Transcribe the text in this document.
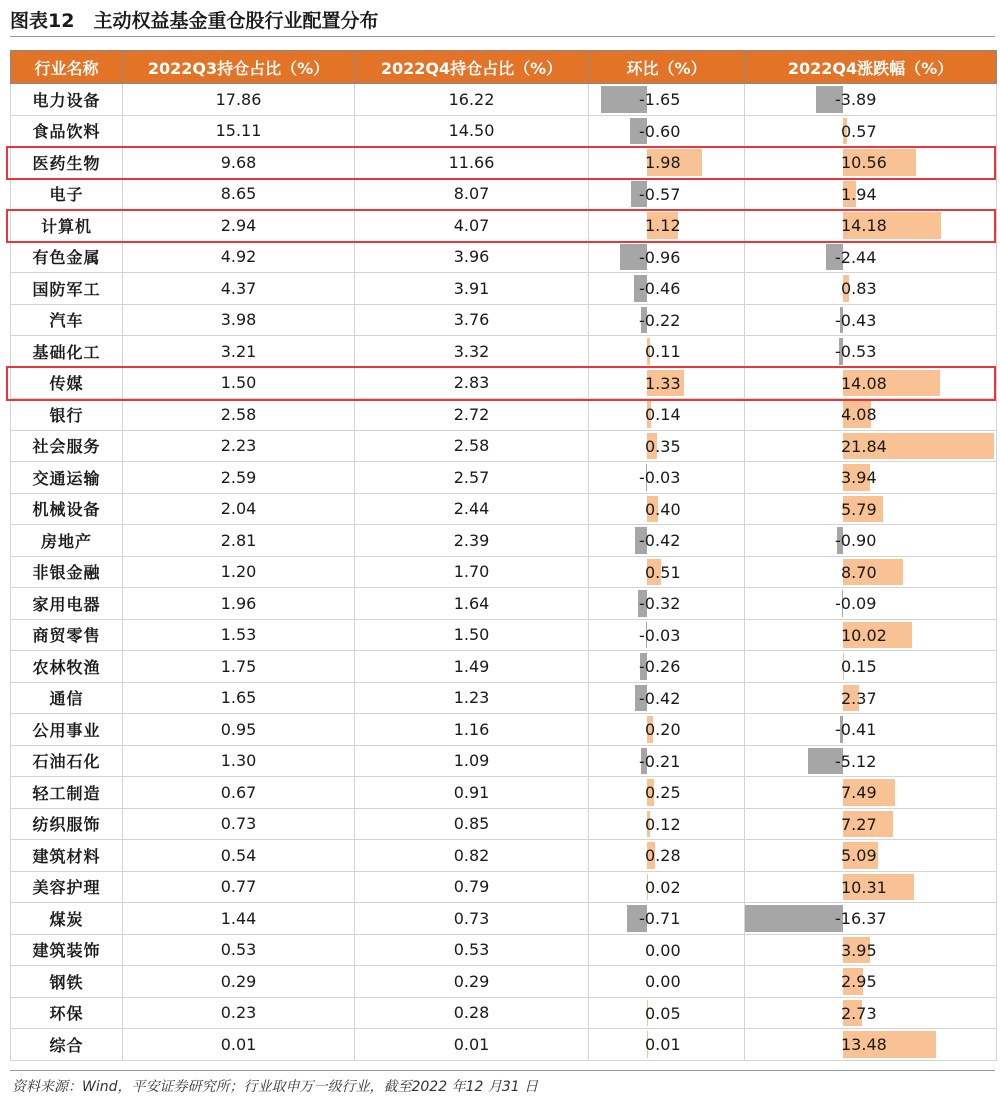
图表12　主动权益基金重仓股行业配置分布
行业名称	2022Q3持仓占比（%）	2022Q4持仓占比（%）	环比（%）	2022Q4涨跌幅（%）
电力设备	17.86	16.22	-1.65	-3.89

食品饮料	15.11	14.50	-0.60	0.57

医药生物	9.68	11.66	1.98	10.56

电子	8.65	8.07	-0.57	1.94

计算机	2.94	4.07	1.12	14.18

有色金属	4.92	3.96	-0.96	-2.44

国防军工	4.37	3.91	-0.46	0.83

汽车	3.98	3.76	-0.22	-0.43

基础化工	3.21	3.32	0.11	-0.53

传媒	1.50	2.83	1.33	14.08

银行	2.58	2.72	0.14	4.08

社会服务	2.23	2.58	0.35	21.84

交通运输	2.59	2.57	-0.03	3.94

机械设备	2.04	2.44	0.40	5.79

房地产	2.81	2.39	-0.42	-0.90

非银金融	1.20	1.70	0.51	8.70

家用电器	1.96	1.64	-0.32	-0.09

商贸零售	1.53	1.50	-0.03	10.02

农林牧渔	1.75	1.49	-0.26	0.15

通信	1.65	1.23	-0.42	2.37

公用事业	0.95	1.16	0.20	-0.41

石油石化	1.30	1.09	-0.21	-5.12

轻工制造	0.67	0.91	0.25	7.49

纺织服饰	0.73	0.85	0.12	7.27

建筑材料	0.54	0.82	0.28	5.09

美容护理	0.77	0.79	0.02	10.31

煤炭	1.44	0.73	-0.71	-16.37

建筑装饰	0.53	0.53	0.00	3.95

钢铁	0.29	0.29	0.00	2.95

环保	0.23	0.28	0.05	2.73

综合	0.01	0.01	0.01	13.48
资料来源：Wind，平安证券研究所；行业取申万一级行业，截至2022 年12 月31 日
